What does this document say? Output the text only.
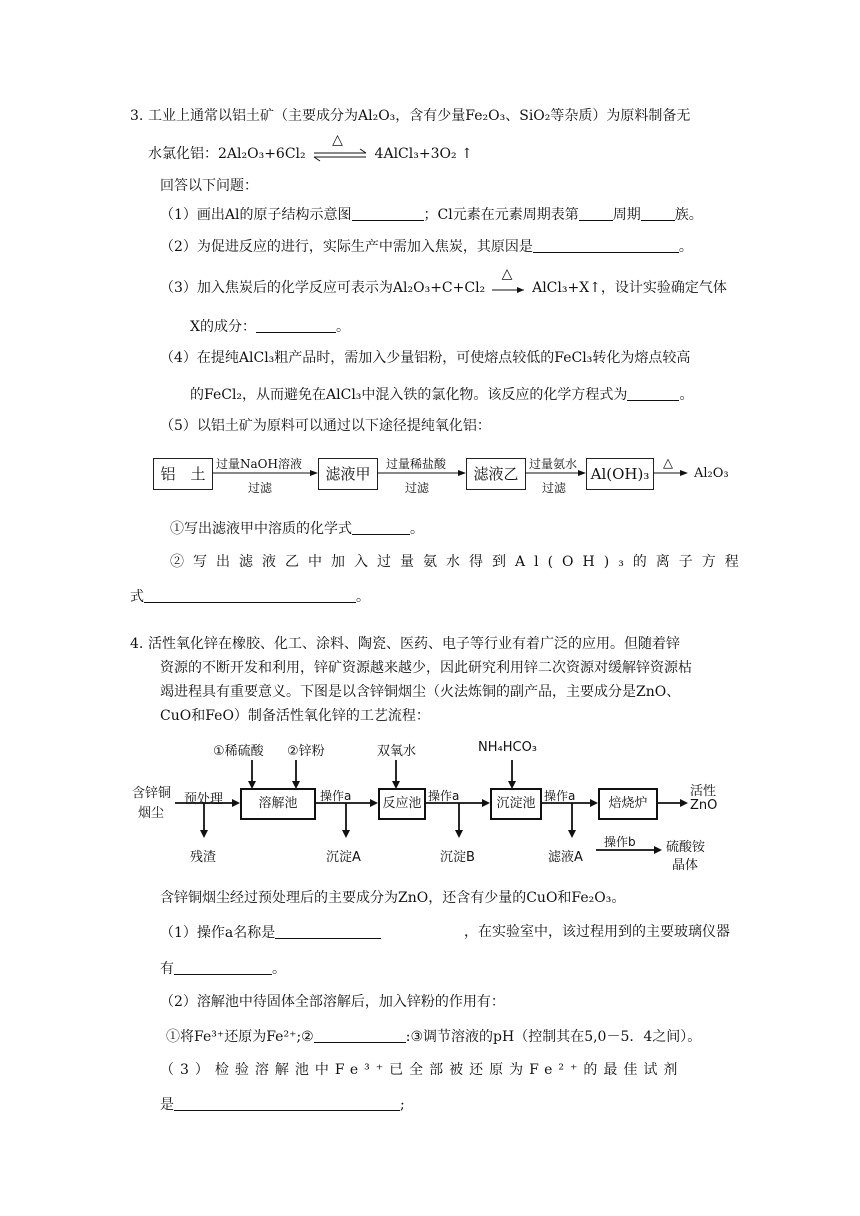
3. 工业上通常以铝土矿（主要成分为Al₂O₃，含有少量Fe₂O₃、SiO₂等杂质）为原料制备无
水氯化铝：2Al₂O₃+6Cl₂
△
4AlCl₃+3O₂ ↑
回答以下问题：
（1）画出Al的原子结构示意图	；Cl元素在元素周期表第 周期 族。
（2）为促进反应的进行，实际生产中需加入焦炭，其原因是	。
（3）加入焦炭后的化学反应可表示为Al₂O₃+C+Cl₂
△
AlCl₃+X↑，设计实验确定气体
X的成分：	。
（4）在提纯AlCl₃粗产品时，需加入少量铝粉，可使熔点较低的FeCl₃转化为熔点较高
的FeCl₂，从而避免在AlCl₃中混入铁的氯化物。该反应的化学方程式为	。
（5）以铝土矿为原料可以通过以下途径提纯氧化铝：
铝　土	滤液甲	滤液乙	Al(OH)₃	Al₂O₃
过量NaOH溶液
过滤
过量稀盐酸
过滤
过量氨水
过滤
△
①写出滤液甲中溶质的化学式	。
②写出滤液乙中加入过量氨水得到Al(OH)₃的离子方程
式	。
4. 活性氧化锌在橡胶、化工、涂料、陶瓷、医药、电子等行业有着广泛的应用。但随着锌
资源的不断开发和利用，锌矿资源越来越少，因此研究利用锌二次资源对缓解锌资源枯
竭进程具有重要意义。下图是以含锌铜烟尘（火法炼铜的副产品，主要成分是ZnO、
CuO和FeO）制备活性氧化锌的工艺流程：
含锌铜
烟尘
预处理
残渣
①稀硫酸 ②锌粉	双氧水	NH₄HCO₃
溶解池	反应池	沉淀池	焙烧炉
操作a	操作a	操作a
沉淀A	沉淀B	滤液A
操作b
活性
ZnO
硫酸铵
晶体
含锌铜烟尘经过预处理后的主要成分为ZnO，还含有少量的CuO和Fe₂O₃。
（1）操作a名称是	，在实验室中，该过程用到的主要玻璃仪器
有	。
（2）溶解池中待固体全部溶解后，加入锌粉的作用有：
①将Fe³⁺还原为Fe²⁺;②	:③调节溶液的pH（控制其在5,0－5．4之间）。
（3）检验溶解池中Fe³⁺已全部被还原为Fe²⁺的最佳试剂
是	;
